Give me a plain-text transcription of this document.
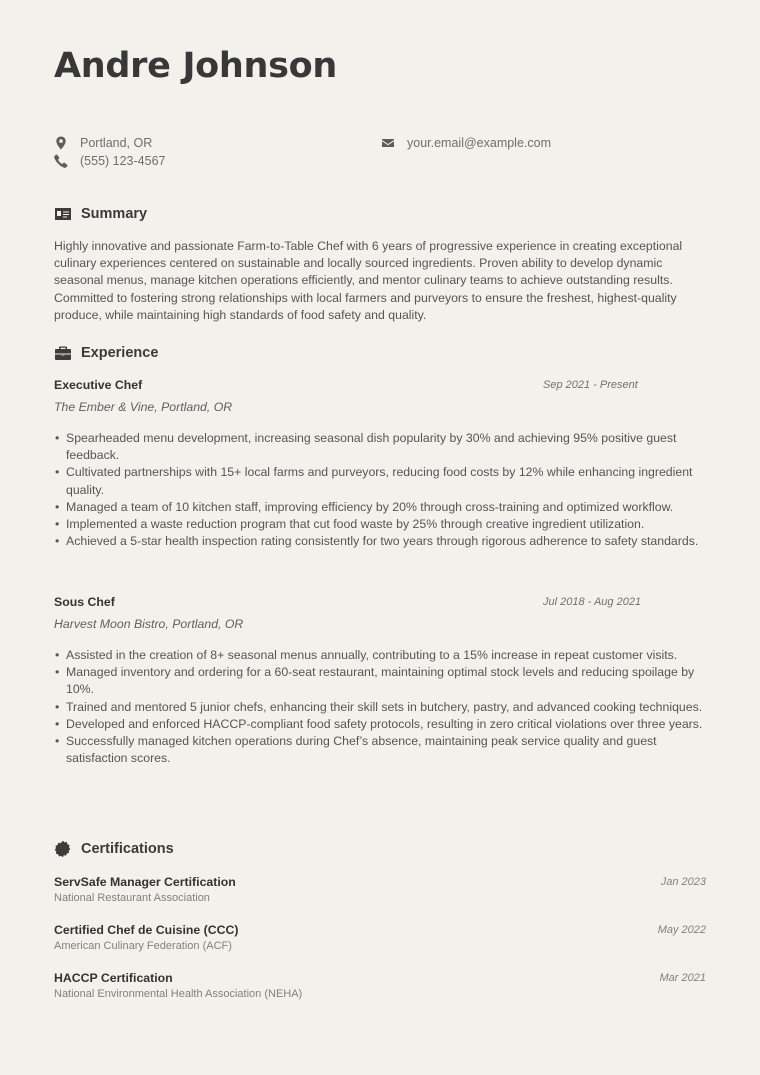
Andre Johnson
Portland, OR
(555) 123-4567
your.email@example.com
Summary

Highly innovative and passionate Farm-to-Table Chef with 6 years of progressive experience in creating exceptional culinary experiences centered on sustainable and locally sourced ingredients. Proven ability to develop dynamic seasonal menus, manage kitchen operations efficiently, and mentor culinary teams to achieve outstanding results. Committed to fostering strong relationships with local farmers and purveyors to ensure the freshest, highest-quality produce, while maintaining high standards of food safety and quality.

Experience
Executive Chef	Sep 2021 - Present
The Ember & Vine, Portland, OR
• Spearheaded menu development, increasing seasonal dish popularity by 30% and achieving 95% positive guest feedback.
• Cultivated partnerships with 15+ local farms and purveyors, reducing food costs by 12% while enhancing ingredient quality.
• Managed a team of 10 kitchen staff, improving efficiency by 20% through cross-training and optimized workflow.
• Implemented a waste reduction program that cut food waste by 25% through creative ingredient utilization.
• Achieved a 5-star health inspection rating consistently for two years through rigorous adherence to safety standards.
Sous Chef	Jul 2018 - Aug 2021
Harvest Moon Bistro, Portland, OR
• Assisted in the creation of 8+ seasonal menus annually, contributing to a 15% increase in repeat customer visits.
• Managed inventory and ordering for a 60-seat restaurant, maintaining optimal stock levels and reducing spoilage by 10%.
• Trained and mentored 5 junior chefs, enhancing their skill sets in butchery, pastry, and advanced cooking techniques.
• Developed and enforced HACCP-compliant food safety protocols, resulting in zero critical violations over three years.
• Successfully managed kitchen operations during Chef’s absence, maintaining peak service quality and guest satisfaction scores.
Certifications
ServSafe Manager Certification	Jan 2023
National Restaurant Association
Certified Chef de Cuisine (CCC)	May 2022
American Culinary Federation (ACF)
HACCP Certification	Mar 2021
National Environmental Health Association (NEHA)
